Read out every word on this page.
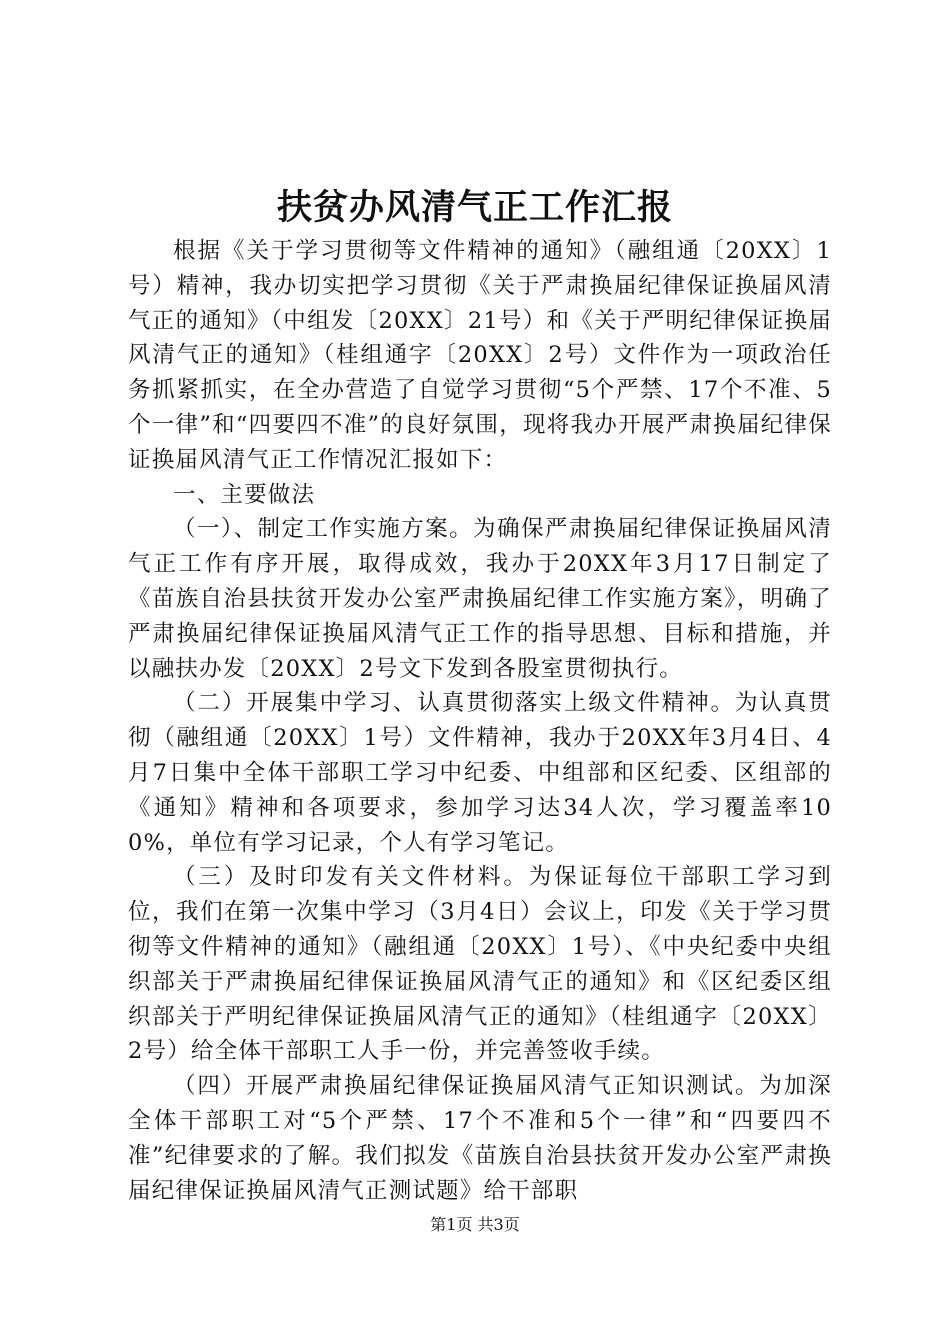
扶贫办风清气正工作汇报

根据《关于学习贯彻等文件精神的通知》（融组通〔20XX〕1号）精神，我办切实把学习贯彻《关于严肃换届纪律保证换届风清气正的通知》（中组发〔20XX〕21号）和《关于严明纪律保证换届风清气正的通知》（桂组通字〔20XX〕2号）文件作为一项政治任务抓紧抓实，在全办营造了自觉学习贯彻“5个严禁、17个不准、5个一律”和“四要四不准”的良好氛围，现将我办开展严肃换届纪律保证换届风清气正工作情况汇报如下：

一、主要做法

（一）、制定工作实施方案。为确保严肃换届纪律保证换届风清气正工作有序开展，取得成效，我办于20XX年3月17日制定了《苗族自治县扶贫开发办公室严肃换届纪律工作实施方案》，明确了严肃换届纪律保证换届风清气正工作的指导思想、目标和措施，并以融扶办发〔20XX〕2号文下发到各股室贯彻执行。

（二）开展集中学习、认真贯彻落实上级文件精神。为认真贯彻（融组通〔20XX〕1号）文件精神，我办于20XX年3月4日、4月7日集中全体干部职工学习中纪委、中组部和区纪委、区组部的《通知》精神和各项要求，参加学习达34人次，学习覆盖率100%，单位有学习记录，个人有学习笔记。

（三）及时印发有关文件材料。为保证每位干部职工学习到位，我们在第一次集中学习（3月4日）会议上，印发《关于学习贯彻等文件精神的通知》（融组通〔20XX〕1号）、《中央纪委中央组织部关于严肃换届纪律保证换届风清气正的通知》和《区纪委区组织部关于严明纪律保证换届风清气正的通知》（桂组通字〔20XX〕2号）给全体干部职工人手一份，并完善签收手续。

（四）开展严肃换届纪律保证换届风清气正知识测试。为加深全体干部职工对“5个严禁、17个不准和5个一律”和“四要四不准”纪律要求的了解。我们拟发《苗族自治县扶贫开发办公室严肃换届纪律保证换届风清气正测试题》给干部职

第1页 共3页
